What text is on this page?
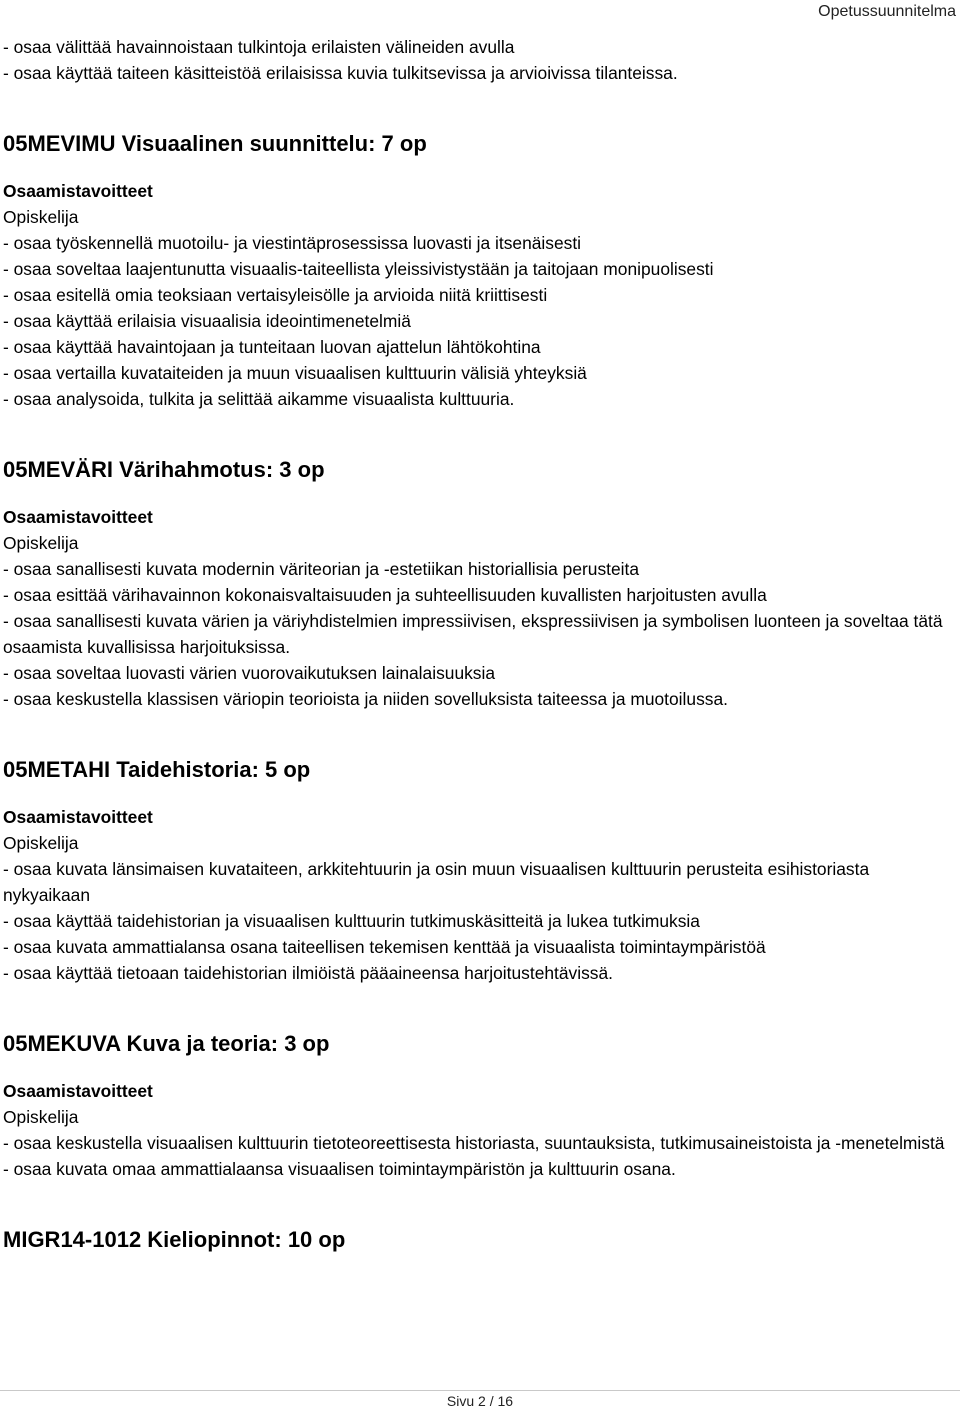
Opetussuunnitelma

- osaa välittää havainnoistaan tulkintoja erilaisten välineiden avulla

- osaa käyttää taiteen käsitteistöä erilaisissa kuvia tulkitsevissa ja arvioivissa tilanteissa.

05MEVIMU Visuaalinen suunnittelu: 7 op

Osaamistavoitteet

Opiskelija

- osaa työskennellä muotoilu- ja viestintäprosessissa luovasti ja itsenäisesti

- osaa soveltaa laajentunutta visuaalis-taiteellista yleissivistystään ja taitojaan monipuolisesti

- osaa esitellä omia teoksiaan vertaisyleisölle ja arvioida niitä kriittisesti

- osaa käyttää erilaisia visuaalisia ideointimenetelmiä

- osaa käyttää havaintojaan ja tunteitaan luovan ajattelun lähtökohtina

- osaa vertailla kuvataiteiden ja muun visuaalisen kulttuurin välisiä yhteyksiä

- osaa analysoida, tulkita ja selittää aikamme visuaalista kulttuuria.

05MEVÄRI Värihahmotus: 3 op

Osaamistavoitteet

Opiskelija

- osaa sanallisesti kuvata modernin väriteorian ja -estetiikan historiallisia perusteita

- osaa esittää värihavainnon kokonaisvaltaisuuden ja suhteellisuuden kuvallisten harjoitusten avulla

- osaa sanallisesti kuvata värien ja väriyhdistelmien impressiivisen, ekspressiivisen ja symbolisen luonteen ja soveltaa tätä osaamista kuvallisissa harjoituksissa.

- osaa soveltaa luovasti värien vuorovaikutuksen lainalaisuuksia

- osaa keskustella klassisen väriopin teorioista ja niiden sovelluksista taiteessa ja muotoilussa.

05METAHI Taidehistoria: 5 op

Osaamistavoitteet

Opiskelija

- osaa kuvata länsimaisen kuvataiteen, arkkitehtuurin ja osin muun visuaalisen kulttuurin perusteita esihistoriasta nykyaikaan

- osaa käyttää taidehistorian ja visuaalisen kulttuurin tutkimuskäsitteitä ja lukea tutkimuksia

- osaa kuvata ammattialansa osana taiteellisen tekemisen kenttää ja visuaalista toimintaympäristöä

- osaa käyttää tietoaan taidehistorian ilmiöistä pääaineensa harjoitustehtävissä.

05MEKUVA Kuva ja teoria: 3 op

Osaamistavoitteet

Opiskelija

- osaa keskustella visuaalisen kulttuurin tietoteoreettisesta historiasta, suuntauksista, tutkimusaineistoista ja -menetelmistä

- osaa kuvata omaa ammattialaansa visuaalisen toimintaympäristön ja kulttuurin osana.

MIGR14-1012 Kieliopinnot: 10 op
Sivu 2 / 16
